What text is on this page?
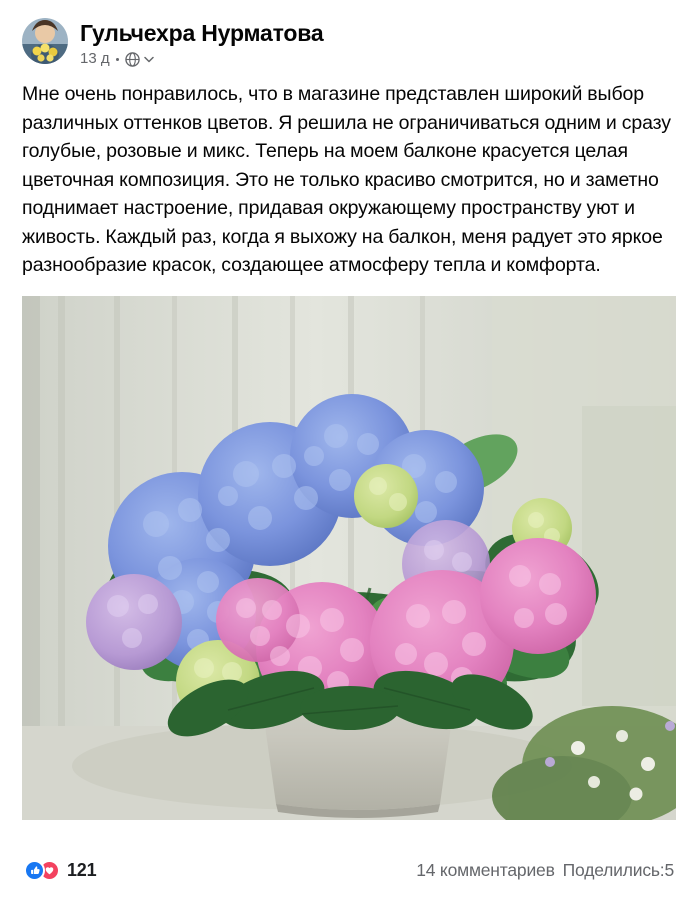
Гульчехра Нурматова
13 д
Мне очень понравилось, что в магазине представлен широкий выбор различных оттенков цветов. Я решила не ограничиваться одним и сразу голубые, розовые и микс. Теперь на моем балконе красуется целая цветочная композиция. Это не только красиво смотрится, но и заметно поднимает настроение, придавая окружающему пространству уют и живость. Каждый раз, когда я выхожу на балкон, меня радует это яркое разнообразие красок, создающее атмосферу тепла и комфорта.
121	14 комментариев Поделились:5
